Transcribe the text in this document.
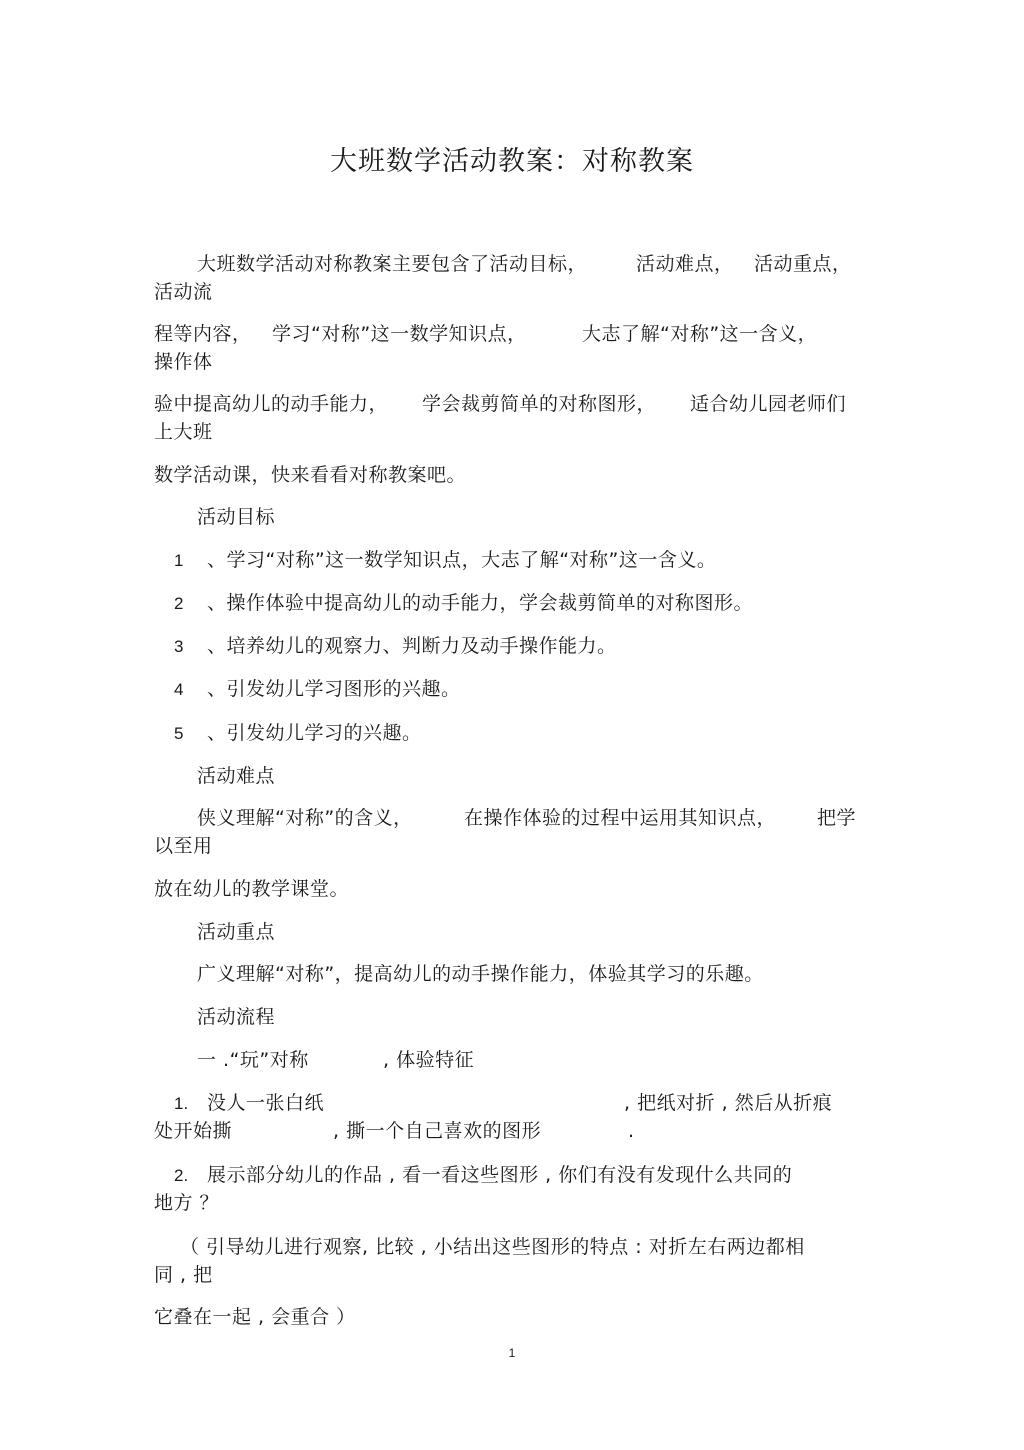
大班数学活动教案：对称教案
大班数学活动对称教案主要包含了活动目标，	活动难点， 活动重点，
活动流
程等内容， 学习“对称”这一数学知识点，	大志了解“对称”这一含义，
操作体
验中提高幼儿的动手能力， 学会裁剪简单的对称图形， 适合幼儿园老师们
上大班
数学活动课，快来看看对称教案吧。
活动目标
1 、学习“对称”这一数学知识点，大志了解“对称”这一含义。
2 、操作体验中提高幼儿的动手能力，学会裁剪简单的对称图形。
3 、培养幼儿的观察力、判断力及动手操作能力。
4 、引发幼儿学习图形的兴趣。
5 、引发幼儿学习的兴趣。
活动难点
侠义理解“对称”的含义，	在操作体验的过程中运用其知识点， 把学
以至用
放在幼儿的教学课堂。
活动重点
广义理解“对称”，提高幼儿的动手操作能力，体验其学习的乐趣。
活动流程
一 .“玩”对称	, 体验特征
1. 没人一张白纸	, 把纸对折 , 然后从折痕
处开始撕	, 撕一个自己喜欢的图形	.
2. 展示部分幼儿的作品 , 看一看这些图形 , 你们有没有发现什么共同的
地方 ？
（ 引导幼儿进行观察, 比较 , 小结出这些图形的特点 : 对折左右两边都相
同 , 把
它叠在一起 , 会重合 ）
1
